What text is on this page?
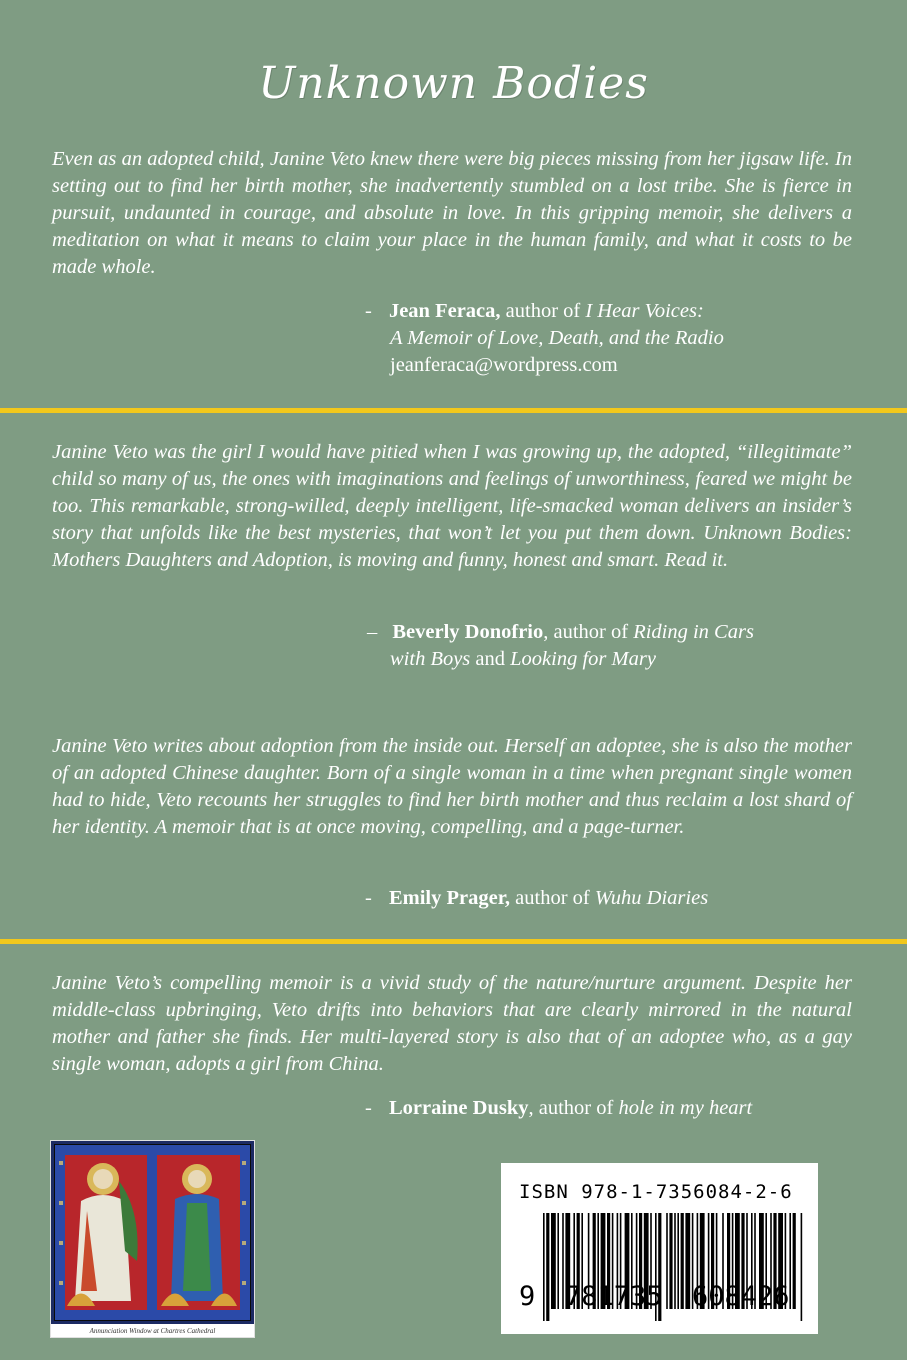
Unknown Bodies
Even as an adopted child, Janine Veto knew there were big pieces missing from her jigsaw life. In setting out to find her birth mother, she inadvertently stumbled on a lost tribe. She is fierce in pursuit, undaunted in courage, and absolute in love. In this gripping memoir, she delivers a meditation on what it means to claim your place in the human family, and what it costs to be made whole.
- Jean Feraca, author of I Hear Voices:
A Memoir of Love, Death, and the Radio
jeanferaca@wordpress.com
Janine Veto was the girl I would have pitied when I was growing up, the adopted, “illegitimate” child so many of us, the ones with imaginations and feelings of unworthiness, feared we might be too. This remarkable, strong-willed, deeply intelligent, life-smacked woman delivers an insider’s story that unfolds like the best mysteries, that won’t let you put them down. Unknown Bodies: Mothers Daughters and Adoption, is moving and funny, honest and smart. Read it.
– Beverly Donofrio, author of Riding in Cars
with Boys and Looking for Mary
Janine Veto writes about adoption from the inside out. Herself an adoptee, she is also the mother of an adopted Chinese daughter. Born of a single woman in a time when pregnant single women had to hide, Veto recounts her struggles to find her birth mother and thus reclaim a lost shard of her identity. A memoir that is at once moving, compelling, and a page-turner.
- Emily Prager, author of Wuhu Diaries
Janine Veto’s compelling memoir is a vivid study of the nature/nurture argument. Despite her middle-class upbringing, Veto drifts into behaviors that are clearly mirrored in the natural mother and father she finds. Her multi-layered story is also that of an adoptee who, as a gay single woman, adopts a girl from China.
- Lorraine Dusky, author of hole in my heart
Annunciation Window at Chartres Cathedral
ISBN 978-1-7356084-2-6
9 781735 608426
